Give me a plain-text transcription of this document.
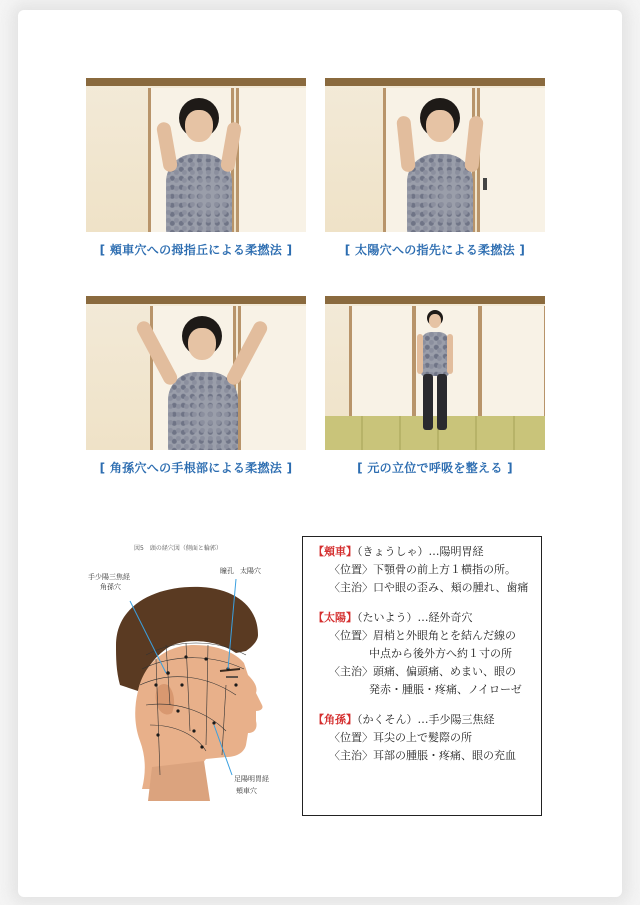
[ 頬車穴への拇指丘による柔撚法 ]	[ 太陽穴への指先による柔撚法 ]
[ 角孫穴への手根部による柔撚法 ]	[ 元の立位で呼吸を整える ]
図5　頭の経穴図（側面と輪郭）
手少陽三焦経
角孫穴
瞳孔 太陽穴
足陽明胃経
頬車穴
【頬車】（きょうしゃ）…陽明胃経
〈位置〉下顎骨の前上方１横指の所。
〈主治〉口や眼の歪み、頬の腫れ、歯痛
【太陽】（たいよう）…経外奇穴
〈位置〉眉梢と外眼角とを結んだ線の
中点から後外方へ約１寸の所
〈主治〉頭痛、偏頭痛、めまい、眼の
発赤・腫脹・疼痛、ノイローゼ
【角孫】（かくそん）…手少陽三焦経
〈位置〉耳尖の上で髪際の所
〈主治〉耳部の腫脹・疼痛、眼の充血
